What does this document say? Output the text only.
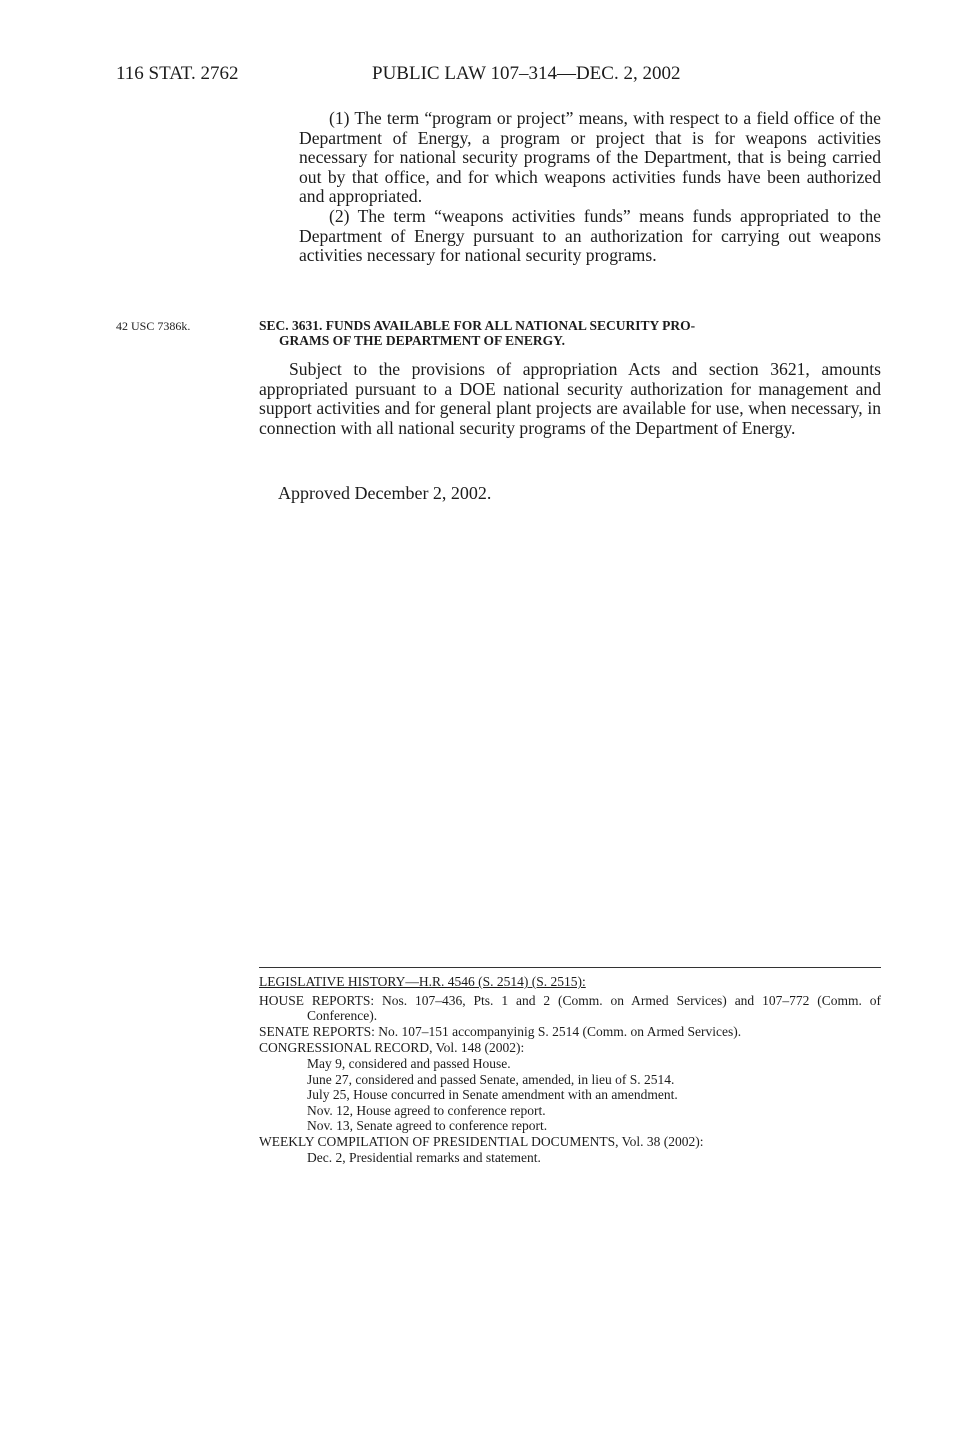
116 STAT. 2762	PUBLIC LAW 107–314—DEC. 2, 2002

(1) The term “program or project” means, with respect to a field office of the Department of Energy, a program or project that is for weapons activities necessary for national security programs of the Department, that is being carried out by that office, and for which weapons activities funds have been authorized and appropriated.

(2) The term “weapons activities funds” means funds appropriated to the Department of Energy pursuant to an authorization for carrying out weapons activities necessary for national security programs.

42 USC 7386k.	SEC. 3631. FUNDS AVAILABLE FOR ALL NATIONAL SECURITY PRO-
GRAMS OF THE DEPARTMENT OF ENERGY.

Subject to the provisions of appropriation Acts and section 3621, amounts appropriated pursuant to a DOE national security authorization for management and support activities and for general plant projects are available for use, when necessary, in connection with all national security programs of the Department of Energy.

Approved December 2, 2002.
LEGISLATIVE HISTORY—H.R. 4546 (S. 2514) (S. 2515):
HOUSE REPORTS: Nos. 107–436, Pts. 1 and 2 (Comm. on Armed Services) and 107–772 (Comm. of Conference).
SENATE REPORTS: No. 107–151 accompanyinig S. 2514 (Comm. on Armed Services).
CONGRESSIONAL RECORD, Vol. 148 (2002):
May 9, considered and passed House.
June 27, considered and passed Senate, amended, in lieu of S. 2514.
July 25, House concurred in Senate amendment with an amendment.
Nov. 12, House agreed to conference report.
Nov. 13, Senate agreed to conference report.
WEEKLY COMPILATION OF PRESIDENTIAL DOCUMENTS, Vol. 38 (2002):
Dec. 2, Presidential remarks and statement.
